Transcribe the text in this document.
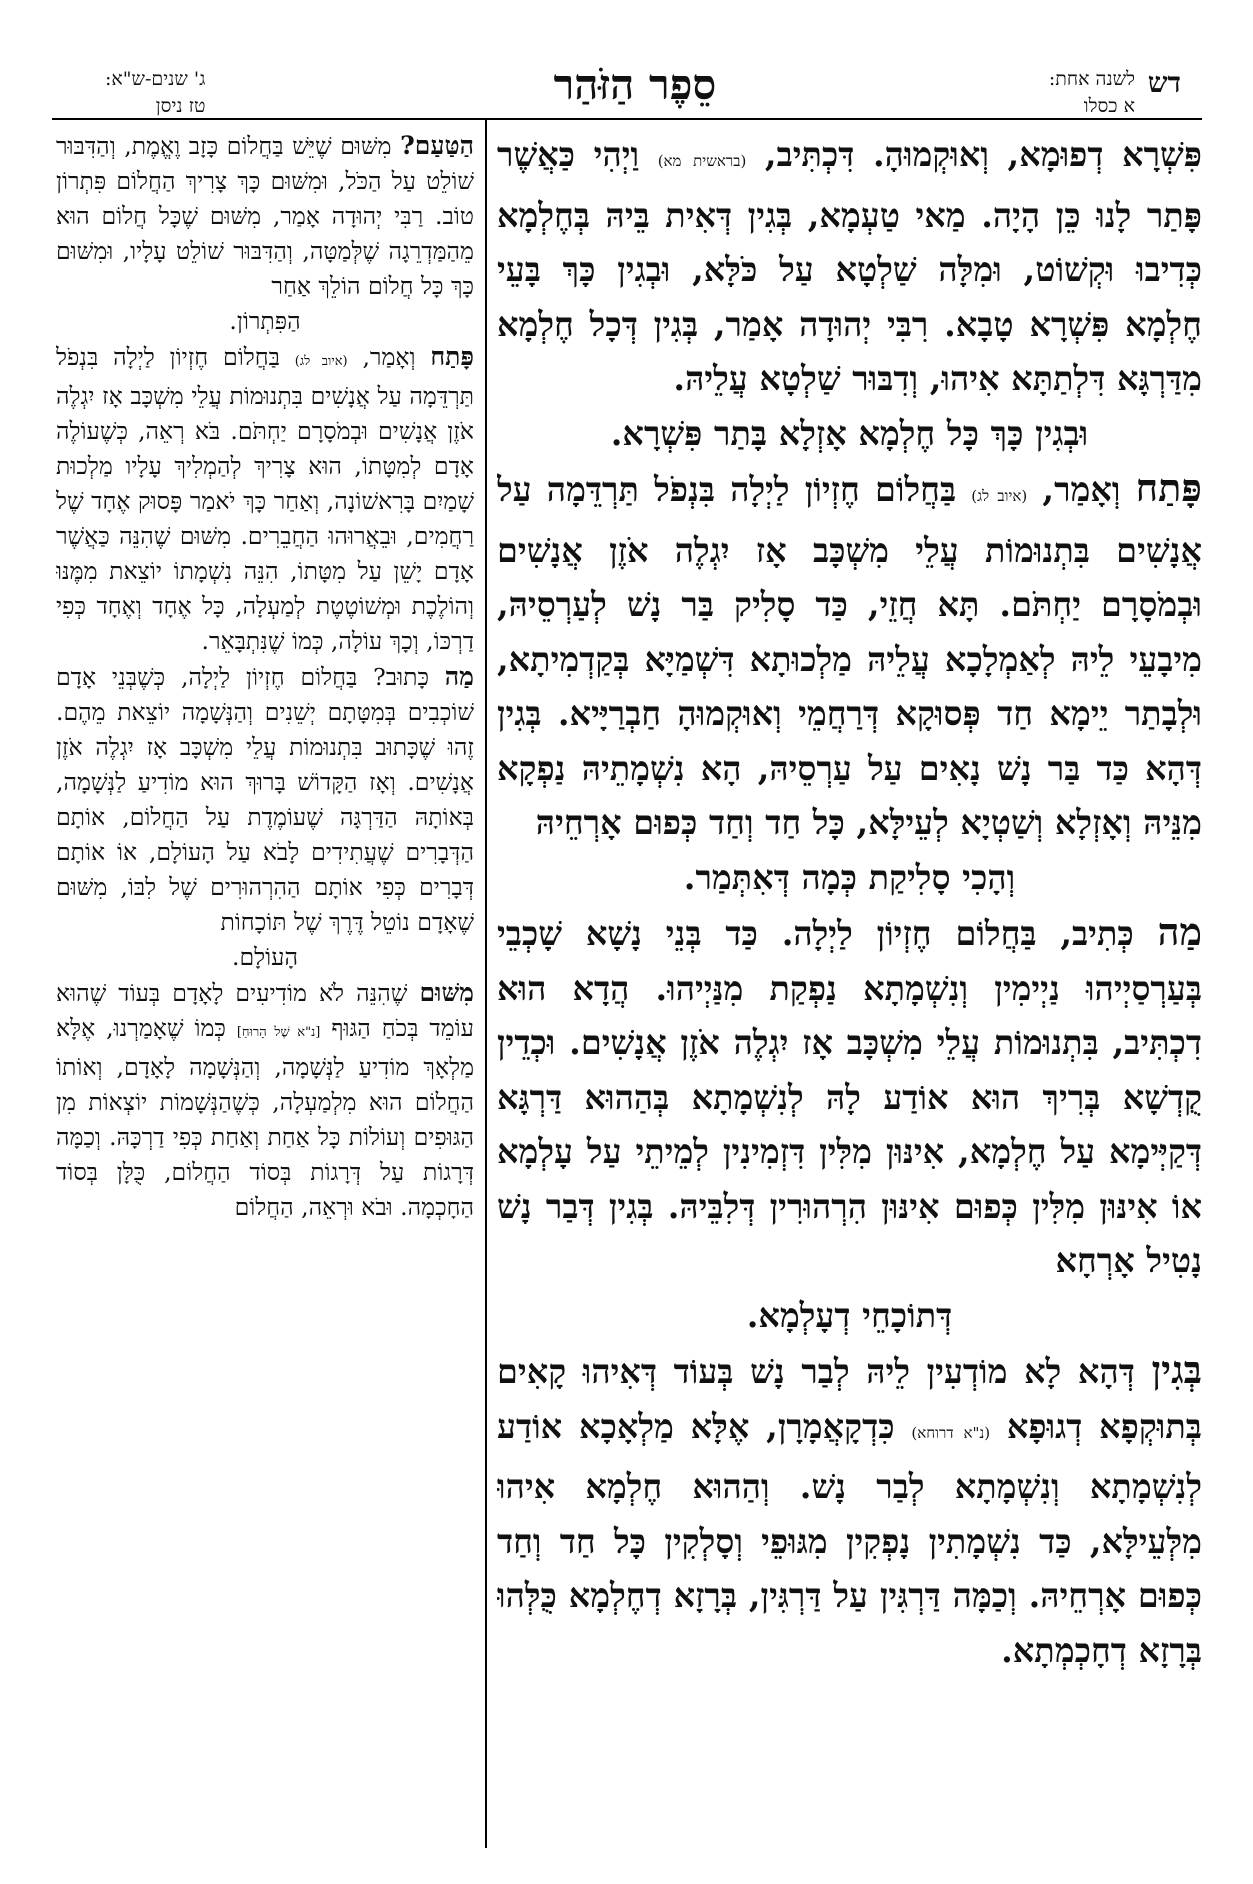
דש
לשנה אחת:
א כסלו
סֵפֶר הַזֹּהַר
ג' שנים-ש"א:
טז ניסן

פִּשְׁרָא דְפוּמָא, וְאוּקְמוּהָ. דִּכְתִּיב, (בראשית מא) וַיְהִי כַּאֲשֶׁר פָּתַר לָנוּ כֵּן הָיָה. מַאי טַעְמָא, בְּגִין דְּאִית בֵּיהּ בְּחֶלְמָא כְּדִיבוּ וּקְשׁוֹט, וּמִלָּה שַׁלְטָא עַל כֹּלָּא, וּבְגִין כָּךְ בָּעֵי חֶלְמָא פִּשְׁרָא טָבָא. רִבִּי יְהוּדָה אָמַר, בְּגִין דְּכָל חֶלְמָא מִדַּרְגָּא דִּלְתַתָּא אִיהוּ, וְדִבּוּר שַׁלְטָא עֲלֵיהּ.

וּבְגִין כָּךְ כָּל חֶלְמָא אָזְלָא בָּתַר פִּשְׁרָא.

פָּתַח וְאָמַר, (איוב לג) בַּחֲלוֹם חֶזְיוֹן לַיְלָה בִּנְפֹל תַּרְדֵּמָה עַל אֲנָשִׁים בִּתְנוּמוֹת עֲלֵי מִשְׁכָּב אָז יִגְלֶה אֹזֶן אֲנָשִׁים וּבְמֹסָרָם יַחְתֹּם. תָּא חֲזֵי, כַּד סָלִיק בַּר נָשׁ לְעַרְסֵיהּ, מִיבָעֵי לֵיהּ לְאַמְלָכָא עֲלֵיהּ מַלְכוּתָא דִּשְׁמַיָּא בְּקַדְמִיתָא, וּלְבָתַר יֵימָא חַד פְּסוּקָא דְּרַחֲמֵי וְאוּקְמוּהָ חַבְרַיָּיא. בְּגִין דְּהָא כַּד בַּר נָשׁ נָאִים עַל עַרְסֵיהּ, הָא נִשְׁמָתֵיהּ נַפְקָא מִנֵּיהּ וְאָזְלָא וְשַׁטְיָא לְעֵילָּא, כָּל חַד וְחַד כְּפוּם אָרְחֵיהּ

וְהָכִי סָלִיקַת כְּמָה דְּאִתְּמַר.

מַה כְּתִיב, בַּחֲלוֹם חֶזְיוֹן לַיְלָה. כַּד בְּנֵי נָשָׁא שָׁכְבֵי בְּעַרְסַיְיהוּ נַיְימִין וְנִשְׁמָתָא נַפְקַת מִנַּיְיהוּ. הֲדָא הוּא דִכְתִּיב, בִּתְנוּמוֹת עֲלֵי מִשְׁכָּב אָז יִגְלֶה אֹזֶן אֲנָשִׁים. וּכְדֵין קֻדְשָׁא בְּרִיךְ הוּא אוֹדַע לָהּ לְנִשְׁמָתָא בְּהַהוּא דַּרְגָּא דְּקַיְּימָא עַל חֶלְמָא, אִינּוּן מִלִּין דִּזְמִינִין לְמֵיתֵי עַל עָלְמָא אוֹ אִינּוּן מִלִּין כְּפוּם אִינּוּן הִרְהוּרִין דְּלִבֵּיהּ. בְּגִין דְּבַר נָשׁ נָטִיל אָרְחָא

דְּתוֹכָחֵי דְעָלְמָא.

בְּגִין דְּהָא לָא מוֹדְעִין לֵיהּ לְבַר נָשׁ בְּעוֹד דְּאִיהוּ קָאִים בְּתוּקְפָא דְגוּפָא (נ"א דרוחא) כִּדְקָאֲמָרָן, אֶלָּא מַלְאָכָא אוֹדַע לְנִשְׁמָתָא וְנִשְׁמָתָא לְבַר נָשׁ. וְהַהוּא חֶלְמָא אִיהוּ מִלְּעֵילָּא, כַּד נִשְׁמָתִין נָפְקִין מִגּוּפֵי וְסָלְקִין כָּל חַד וְחַד כְּפוּם אָרְחֵיהּ. וְכַמָּה דַּרְגִּין עַל דַּרְגִּין, בְּרָזָא דְחֶלְמָא כֻּלְּהוּ בְּרָזָא דְחָכְמְתָא.

הַטַּעַם? מִשּׁוּם שֶׁיֵּשׁ בַּחֲלוֹם כָּזָב וֶאֱמֶת, וְהַדִּבּוּר שׁוֹלֵט עַל הַכֹּל, וּמִשּׁוּם כָּךְ צָרִיךְ הַחֲלוֹם פִּתְרוֹן טוֹב. רַבִּי יְהוּדָה אָמַר, מִשּׁוּם שֶׁכָּל חֲלוֹם הוּא מֵהַמַּדְרֵגָה שֶׁלְּמַטָּה, וְהַדִּבּוּר שׁוֹלֵט עָלָיו, וּמִשּׁוּם כָּךְ כָּל חֲלוֹם הוֹלֵךְ אַחַר

הַפִּתְרוֹן.

פָּתַח וְאָמַר, (איוב לג) בַּחֲלוֹם חֶזְיוֹן לַיְלָה בִּנְפֹל תַּרְדֵּמָה עַל אֲנָשִׁים בִּתְנוּמוֹת עֲלֵי מִשְׁכָּב אָז יִגְלֶה אֹזֶן אֲנָשִׁים וּבְמֹסָרָם יַחְתֹּם. בֹּא רְאֵה, כְּשֶׁעוֹלֶה אָדָם לְמִטָּתוֹ, הוּא צָרִיךְ לְהַמְלִיךְ עָלָיו מַלְכוּת שָׁמַיִם בָּרִאשׁוֹנָה, וְאַחַר כָּךְ יֹאמַר פָּסוּק אֶחָד שֶׁל רַחֲמִים, וּבֵאֲרוּהוּ הַחֲבֵרִים. מִשּׁוּם שֶׁהִנֵּה כַּאֲשֶׁר אָדָם יָשֵׁן עַל מִטָּתוֹ, הִנֵּה נִשְׁמָתוֹ יוֹצֵאת מִמֶּנּוּ וְהוֹלֶכֶת וּמְשׁוֹטֶטֶת לְמַעְלָה, כָּל אֶחָד וְאֶחָד כְּפִי דַרְכּוֹ, וְכָךְ עוֹלָה, כְּמוֹ שֶׁנִּתְבָּאֵר.

מַה כָּתוּב? בַּחֲלוֹם חֶזְיוֹן לַיְלָה, כְּשֶׁבְּנֵי אָדָם שׁוֹכְבִים בְּמִטָּתָם יְשֵׁנִים וְהַנְּשָׁמָה יוֹצֵאת מֵהֶם. זֶהוּ שֶׁכָּתוּב בִּתְנוּמוֹת עֲלֵי מִשְׁכָּב אָז יִגְלֶה אֹזֶן אֲנָשִׁים. וְאָז הַקָּדוֹשׁ בָּרוּךְ הוּא מוֹדִיעַ לַנְּשָׁמָה, בְּאוֹתָהּ הַדַּרְגָּה שֶׁעוֹמֶדֶת עַל הַחֲלוֹם, אוֹתָם הַדְּבָרִים שֶׁעֲתִידִים לָבֹא עַל הָעוֹלָם, אוֹ אוֹתָם דְּבָרִים כְּפִי אוֹתָם הַהִרְהוּרִים שֶׁל לִבּוֹ, מִשּׁוּם שֶׁאָדָם נוֹטֵל דֶּרֶךְ שֶׁל תּוֹכָחוֹת

הָעוֹלָם.

מִשּׁוּם שֶׁהִנֵּה לֹא מוֹדִיעִים לָאָדָם בְּעוֹד שֶׁהוּא עוֹמֵד בְּכֹחַ הַגּוּף [נ"א שֶׁל הָרוּחַ] כְּמוֹ שֶׁאָמַרְנוּ, אֶלָּא מַלְאָךְ מוֹדִיעַ לַנְּשָׁמָה, וְהַנְּשָׁמָה לָאָדָם, וְאוֹתוֹ הַחֲלוֹם הוּא מִלְמַעְלָה, כְּשֶׁהַנְּשָׁמוֹת יוֹצְאוֹת מִן הַגּוּפִים וְעוֹלוֹת כָּל אַחַת וְאַחַת כְּפִי דַרְכָּהּ. וְכַמָּה דְּרָגוֹת עַל דְּרָגוֹת בְּסוֹד הַחֲלוֹם, כֻּלָּן בְּסוֹד הַחָכְמָה. וּבֹא וּרְאֵה, הַחֲלוֹם
